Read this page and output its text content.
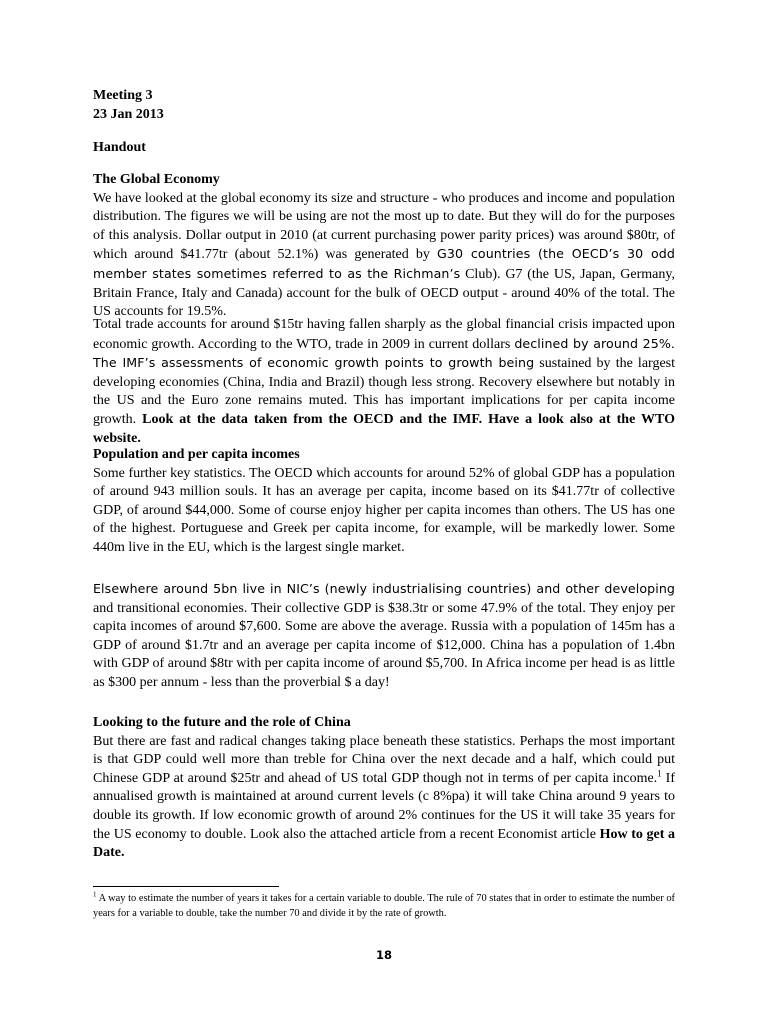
Meeting 3
23 Jan 2013
Handout
The Global Economy
We have looked at the global economy its size and structure - who produces and income and population distribution. The figures we will be using are not the most up to date. But they will do for the purposes of this analysis. Dollar output in 2010 (at current purchasing power parity prices) was around $80tr, of which around $41.77tr (about 52.1%) was generated by G30 countries (the OECD’s 30 odd member states sometimes referred to as the Richman’s Club). G7 (the US, Japan, Germany, Britain France, Italy and Canada) account for the bulk of OECD output - around 40% of the total. The US accounts for 19.5%.
Total trade accounts for around $15tr having fallen sharply as the global financial crisis impacted upon economic growth. According to the WTO, trade in 2009 in current dollars declined by around 25%. The IMF’s assessments of economic growth points to growth being sustained by the largest developing economies (China, India and Brazil) though less strong. Recovery elsewhere but notably in the US and the Euro zone remains muted. This has important implications for per capita income growth. Look at the data taken from the OECD and the IMF. Have a look also at the WTO website.
Population and per capita incomes
Some further key statistics. The OECD which accounts for around 52% of global GDP has a population of around 943 million souls. It has an average per capita, income based on its $41.77tr of collective GDP, of around $44,000. Some of course enjoy higher per capita incomes than others. The US has one of the highest. Portuguese and Greek per capita income, for example, will be markedly lower. Some 440m live in the EU, which is the largest single market.
Elsewhere around 5bn live in NIC’s (newly industrialising countries) and other developing and transitional economies. Their collective GDP is $38.3tr or some 47.9% of the total. They enjoy per capita incomes of around $7,600. Some are above the average. Russia with a population of 145m has a GDP of around $1.7tr and an average per capita income of $12,000. China has a population of 1.4bn with GDP of around $8tr with per capita income of around $5,700. In Africa income per head is as little as $300 per annum - less than the proverbial $ a day!
Looking to the future and the role of China
But there are fast and radical changes taking place beneath these statistics. Perhaps the most important is that GDP could well more than treble for China over the next decade and a half, which could put Chinese GDP at around $25tr and ahead of US total GDP though not in terms of per capita income.$^1$ If annualised growth is maintained at around current levels (c 8%pa) it will take China around 9 years to double its growth. If low economic growth of around 2% continues for the US it will take 35 years for the US economy to double. Look also the attached article from a recent Economist article How to get a Date.
$^1$ A way to estimate the number of years it takes for a certain variable to double. The rule of 70 states that in order to estimate the number of years for a variable to double, take the number 70 and divide it by the rate of growth.
18
